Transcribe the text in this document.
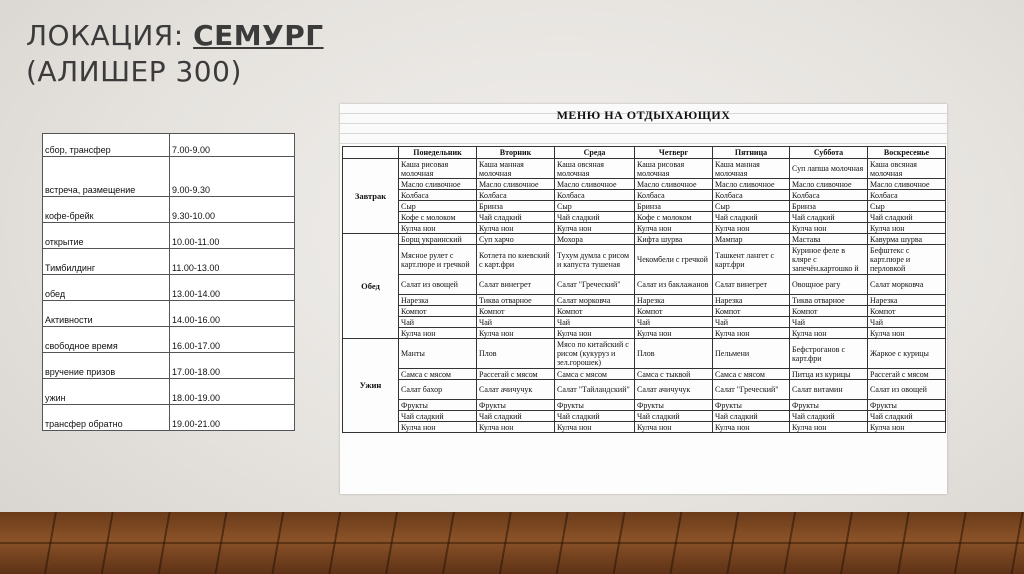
ЛОКАЦИЯ: СЕМУРГ
(АЛИШЕР 300)
сбор, трансфер	7.00-9.00
встреча, размещение	9.00-9.30
кофе-брейк	9.30-10.00
открытие	10.00-11.00
Тимбилдинг	11.00-13.00
обед	13.00-14.00
Активности	14.00-16.00
свободное время	16.00-17.00
вручение призов	17.00-18.00
ужин	18.00-19.00
трансфер обратно	19.00-21.00
МЕНЮ НА ОТДЫХАЮЩИХ
	Понедельник	Вторник	Среда	Четверг	Пятница	Суббота	Воскресенье
Завтрак	Каша рисовая молочная	Каша манная молочная	Каша овсяная молочная	Каша рисовая молочная	Каша манная молочная	Суп лапша молочная	Каша овсяная молочная
	Масло сливочное	Масло сливочное	Масло сливочное	Масло сливочное	Масло сливочное	Масло сливочное	Масло сливочное
	Колбаса	Колбаса	Колбаса	Колбаса	Колбаса	Колбаса	Колбаса
	Сыр	Бринза	Сыр	Бринза	Сыр	Бринза	Сыр
	Кофе с молоком	Чай сладкий	Чай сладкий	Кофе с молоком	Чай сладкий	Чай сладкий	Чай сладкий
	Кулча нон	Кулча нон	Кулча нон	Кулча нон	Кулча нон	Кулча нон	Кулча нон
Обед	Борщ украинский	Суп харчо	Мохора	Кифта шурва	Мампар	Мастава	Кавурма шурва
	Мясное рулет с карт.пюре и гречкой	Котлета по киевский с карт.фри	Тухум думла с рисом и капуста тушеная	Чекомбели с гречкой	Ташкент лангет с карт.фри	Куриное феле в кляре с запечён.картошко й	Бефштекс с карт.пюре и перловкой
	Салат из овощей	Салат винегрет	Салат "Греческий"	Салат из баклажанов	Салат винегрет	Овощное рагу	Салат морковча
	Нарезка	Тиква отварное	Салат морковча	Нарезка	Нарезка	Тиква отварное	Нарезка
	Компот	Компот	Компот	Компот	Компот	Компот	Компот
	Чай	Чай	Чай	Чай	Чай	Чай	Чай
	Кулча нон	Кулча нон	Кулча нон	Кулча нон	Кулча нон	Кулча нон	Кулча нон
Ужин	Манты	Плов	Мясо по китайский с рисом (кукуруз и зел.горошек)	Плов	Пельмени	Бефстроганов с карт.фри	Жаркое с курицы
	Самса с мясом	Рассегай с мясом	Самса с мясом	Самса с тыквой	Самса с мясом	Питца из курицы	Рассегай с мясом
	Салат бахор	Салат ачичучук	Салат "Тайландский"	Салат ачичучук	Салат "Греческий"	Салат витамин	Салат из овощей
	Фрукты	Фрукты	Фрукты	Фрукты	Фрукты	Фрукты	Фрукты
	Чай сладкий	Чай сладкий	Чай сладкий	Чай сладкий	Чай сладкий	Чай сладкий	Чай сладкий
	Кулча нон	Кулча нон	Кулча нон	Кулча нон	Кулча нон	Кулча нон	Кулча нон
